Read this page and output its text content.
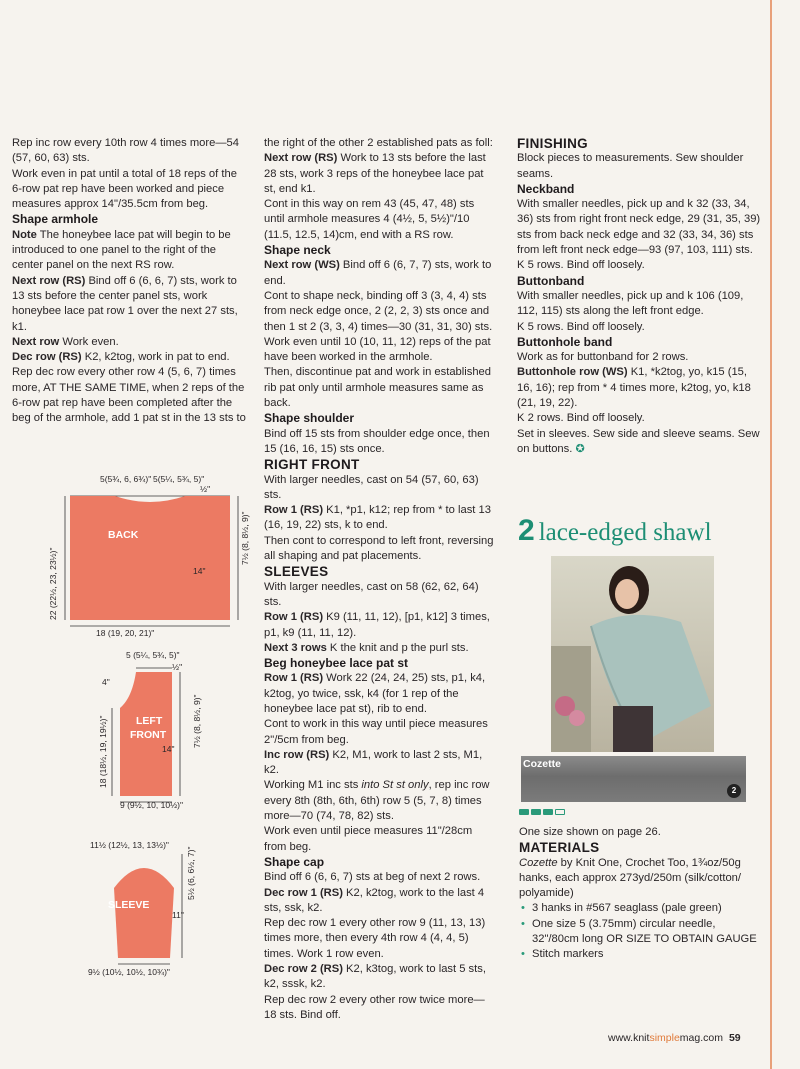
Rep inc row every 10th row 4 times more—54 (57, 60, 63) sts.

Work even in pat until a total of 18 reps of the 6-row pat rep have been worked and piece measures approx 14"/35.5cm from beg.

Shape armhole

Note The honeybee lace pat will begin to be introduced to one panel to the right of the center panel on the next RS row.

Next row (RS) Bind off 6 (6, 6, 7) sts, work to 13 sts before the center panel sts, work honeybee lace pat row 1 over the next 27 sts, k1.

Next row Work even.

Dec row (RS) K2, k2tog, work in pat to end. Rep dec row every other row 4 (5, 6, 7) times more, AT THE SAME TIME, when 2 reps of the 6-row pat rep have been completed after the beg of the armhole, add 1 pat st in the 13 sts to

5(5¾, 6, 6¾)" 5(5¼, 5¾, 5)"
BACK
22 (22½, 23, 23½)"
½"
7½ (8, 8½, 9)"
14"
18 (19, 20, 21)"
5 (5¼, 5¾, 5)"
4"
LEFT
FRONT
18 (18½, 19, 19½)"
½"
7½ (8, 8½, 9)"
14"
9 (9½, 10, 10½)"
11½ (12½, 13, 13½)"
SLEEVE
5½ (6, 6½, 7)"
11"
9½ (10½, 10½, 10¾)"

the right of the other 2 established pats as foll:

Next row (RS) Work to 13 sts before the last 28 sts, work 3 reps of the honeybee lace pat st, end k1.

Cont in this way on rem 43 (45, 47, 48) sts until armhole measures 4 (4½, 5, 5½)"/10 (11.5, 12.5, 14)cm, end with a RS row.

Shape neck

Next row (WS) Bind off 6 (6, 7, 7) sts, work to end.

Cont to shape neck, binding off 3 (3, 4, 4) sts from neck edge once, 2 (2, 2, 3) sts once and then 1 st 2 (3, 3, 4) times—30 (31, 31, 30) sts.

Work even until 10 (10, 11, 12) reps of the pat have been worked in the armhole.

Then, discontinue pat and work in established rib pat only until armhole measures same as back.

Shape shoulder

Bind off 15 sts from shoulder edge once, then 15 (16, 16, 15) sts once.

RIGHT FRONT

With larger needles, cast on 54 (57, 60, 63) sts.

Row 1 (RS) K1, *p1, k12; rep from * to last 13 (16, 19, 22) sts, k to end.

Then cont to correspond to left front, reversing all shaping and pat placements.

SLEEVES

With larger needles, cast on 58 (62, 62, 64) sts.

Row 1 (RS) K9 (11, 11, 12), [p1, k12] 3 times, p1, k9 (11, 11, 12).

Next 3 rows K the knit and p the purl sts.

Beg honeybee lace pat st

Row 1 (RS) Work 22 (24, 24, 25) sts, p1, k4, k2tog, yo twice, ssk, k4 (for 1 rep of the honeybee lace pat st), rib to end.

Cont to work in this way until piece measures 2"/5cm from beg.

Inc row (RS) K2, M1, work to last 2 sts, M1, k2.

Working M1 inc sts into St st only, rep inc row every 8th (8th, 6th, 6th) row 5 (5, 7, 8) times more—70 (74, 78, 82) sts.

Work even until piece measures 11"/28cm from beg.

Shape cap

Bind off 6 (6, 6, 7) sts at beg of next 2 rows.

Dec row 1 (RS) K2, k2tog, work to the last 4 sts, ssk, k2.

Rep dec row 1 every other row 9 (11, 13, 13) times more, then every 4th row 4 (4, 4, 5) times. Work 1 row even.

Dec row 2 (RS) K2, k3tog, work to last 5 sts, k2, sssk, k2.

Rep dec row 2 every other row twice more—18 sts. Bind off.

FINISHING

Block pieces to measurements. Sew shoulder seams.

Neckband

With smaller needles, pick up and k 32 (33, 34, 36) sts from right front neck edge, 29 (31, 35, 39) sts from back neck edge and 32 (33, 34, 36) sts from left front neck edge—93 (97, 103, 111) sts.

K 5 rows. Bind off loosely.

Buttonband

With smaller needles, pick up and k 106 (109, 112, 115) sts along the left front edge.

K 5 rows. Bind off loosely.

Buttonhole band

Work as for buttonband for 2 rows.

Buttonhole row (WS) K1, *k2tog, yo, k15 (15, 16, 16); rep from * 4 times more, k2tog, yo, k18 (21, 19, 22).

K 2 rows. Bind off loosely.

Set in sleeves. Sew side and sleeve seams. Sew on buttons. ✪

2 lace-edged shawl
Cozette
2

One size shown on page 26.

MATERIALS

Cozette by Knit One, Crochet Too, 1¾oz/50g hanks, each approx 273yd/250m (silk/cotton/ polyamide)

• 3 hanks in #567 seaglass (pale green)
• One size 5 (3.75mm) circular needle, 32"/80cm long OR SIZE TO OBTAIN GAUGE
• Stitch markers
www.knitsimplemag.com 59
